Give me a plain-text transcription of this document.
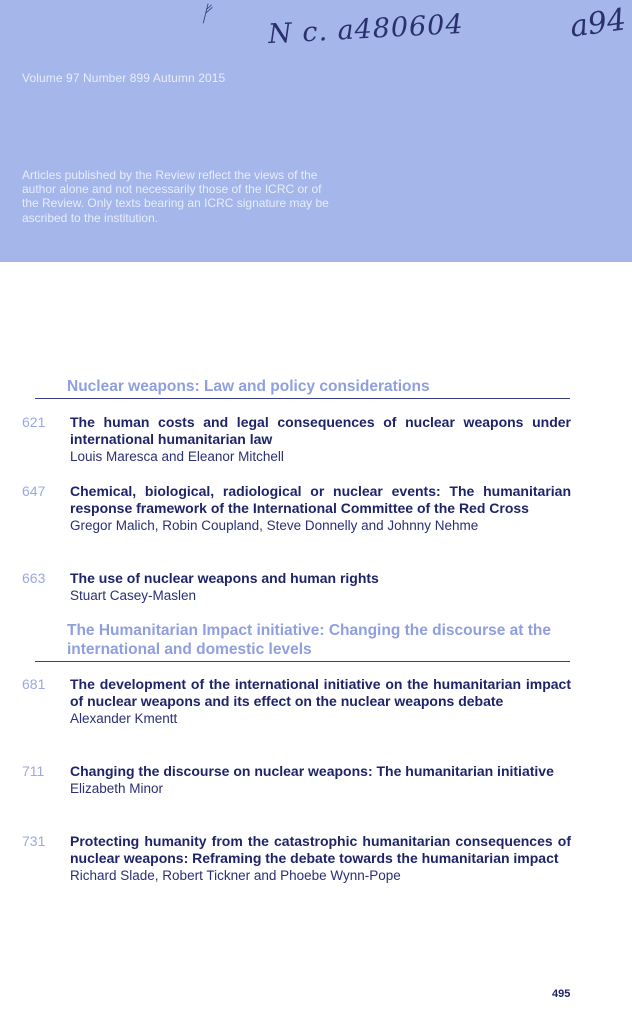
ᚠ N c. a480604	a94
Volume 97 Number 899 Autumn 2015
Articles published by the Review reflect the views of the author alone and not necessarily those of the ICRC or of the Review. Only texts bearing an ICRC signature may be ascribed to the institution.
Nuclear weapons: Law and policy considerations
621	The human costs and legal consequences of nuclear weapons under international humanitarian law
Louis Maresca and Eleanor Mitchell
647	Chemical, biological, radiological or nuclear events: The humanitarian response framework of the International Committee of the Red Cross
Gregor Malich, Robin Coupland, Steve Donnelly and Johnny Nehme
663	The use of nuclear weapons and human rights
Stuart Casey-Maslen
The Humanitarian Impact initiative: Changing the discourse at the international and domestic levels
681	The development of the international initiative on the humanitarian impact of nuclear weapons and its effect on the nuclear weapons debate
Alexander Kmentt
711	Changing the discourse on nuclear weapons: The humanitarian initiative
Elizabeth Minor
731	Protecting humanity from the catastrophic humanitarian consequences of nuclear weapons: Reframing the debate towards the humanitarian impact
Richard Slade, Robert Tickner and Phoebe Wynn-Pope
495
